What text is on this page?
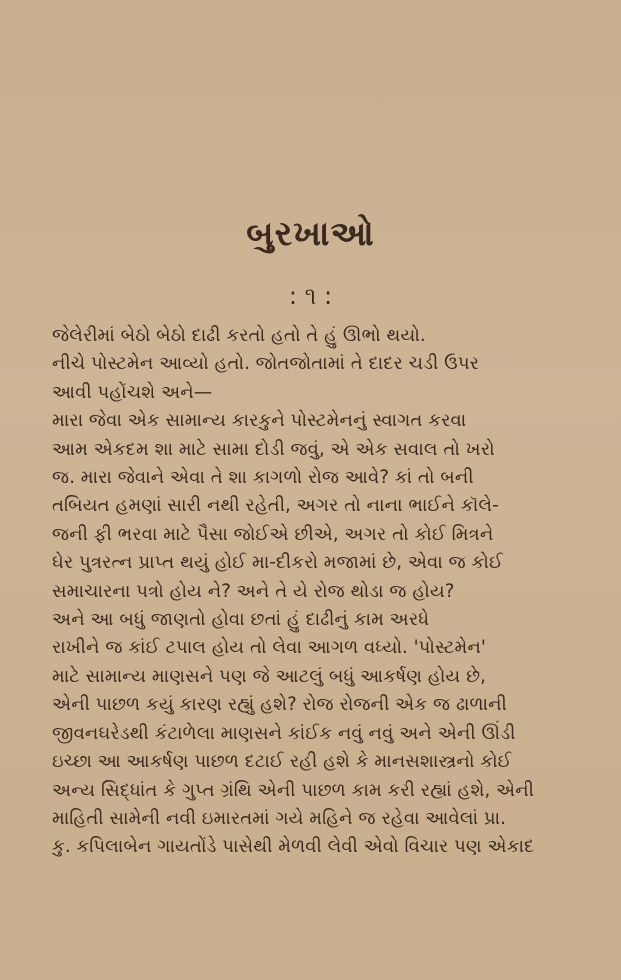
બુરખાઓ
: ૧ :
જેલેરીમાં બેઠો બેઠો દાઢી કરતો હતો તે હું ઊભો થયો.
નીચે પોસ્ટમેન આવ્યો હતો. જોતજોતામાં તે દાદર ચડી ઉપર
આવી પહોંચશે અને—
મારા જેવા એક સામાન્ય કારકુને પોસ્ટમેનનું સ્વાગત કરવા
આમ એકદમ શા માટે સામા દોડી જવું, એ એક સવાલ તો ખરો
જ. મારા જેવાને એવા તે શા કાગળો રોજ આવે? કાં તો બની
તબિયત હમણાં સારી નથી રહેતી, અગર તો નાના ભાઈને કૉલે-
જની ફી ભરવા માટે પૈસા જોઈએ છીએ, અગર તો કોઈ મિત્રને
ઘેર પુત્રરત્ન પ્રાપ્ત થયું હોઈ મા-દીકરો મજામાં છે, એવા જ કોઈ
સમાચારના પત્રો હોય ને? અને તે યે રોજ થોડા જ હોય?
અને આ બધું જાણતો હોવા છતાં હું દાઢીનું કામ અરધે
રાખીને જ કાંઈ ટપાલ હોય તો લેવા આગળ વધ્યો. 'પોસ્ટમેન'
માટે સામાન્ય માણસને પણ જે આટલું બધું આકર્ષણ હોય છે,
એની પાછળ કયું કારણ રહ્યું હશે? રોજ રોજની એક જ ઢાળાની
જીવનઘરેડથી કંટાળેલા માણસને કાંઈક નવું નવું અને એની ઊંડી
ઇચ્છા આ આકર્ષણ પાછળ દટાઈ રહી હશે કે માનસશાસ્ત્રનો કોઈ
અન્ય સિદ્ધાંત કે ગુપ્ત ગ્રંથિ એની પાછળ કામ કરી રહ્યાં હશે, એની
માહિતી સામેની નવી ઇમારતમાં ગયે મહિને જ રહેવા આવેલાં પ્રા.
કુ. કપિલાબેન ગાયતોંડે પાસેથી મેળવી લેવી એવો વિચાર પણ એકાદ
